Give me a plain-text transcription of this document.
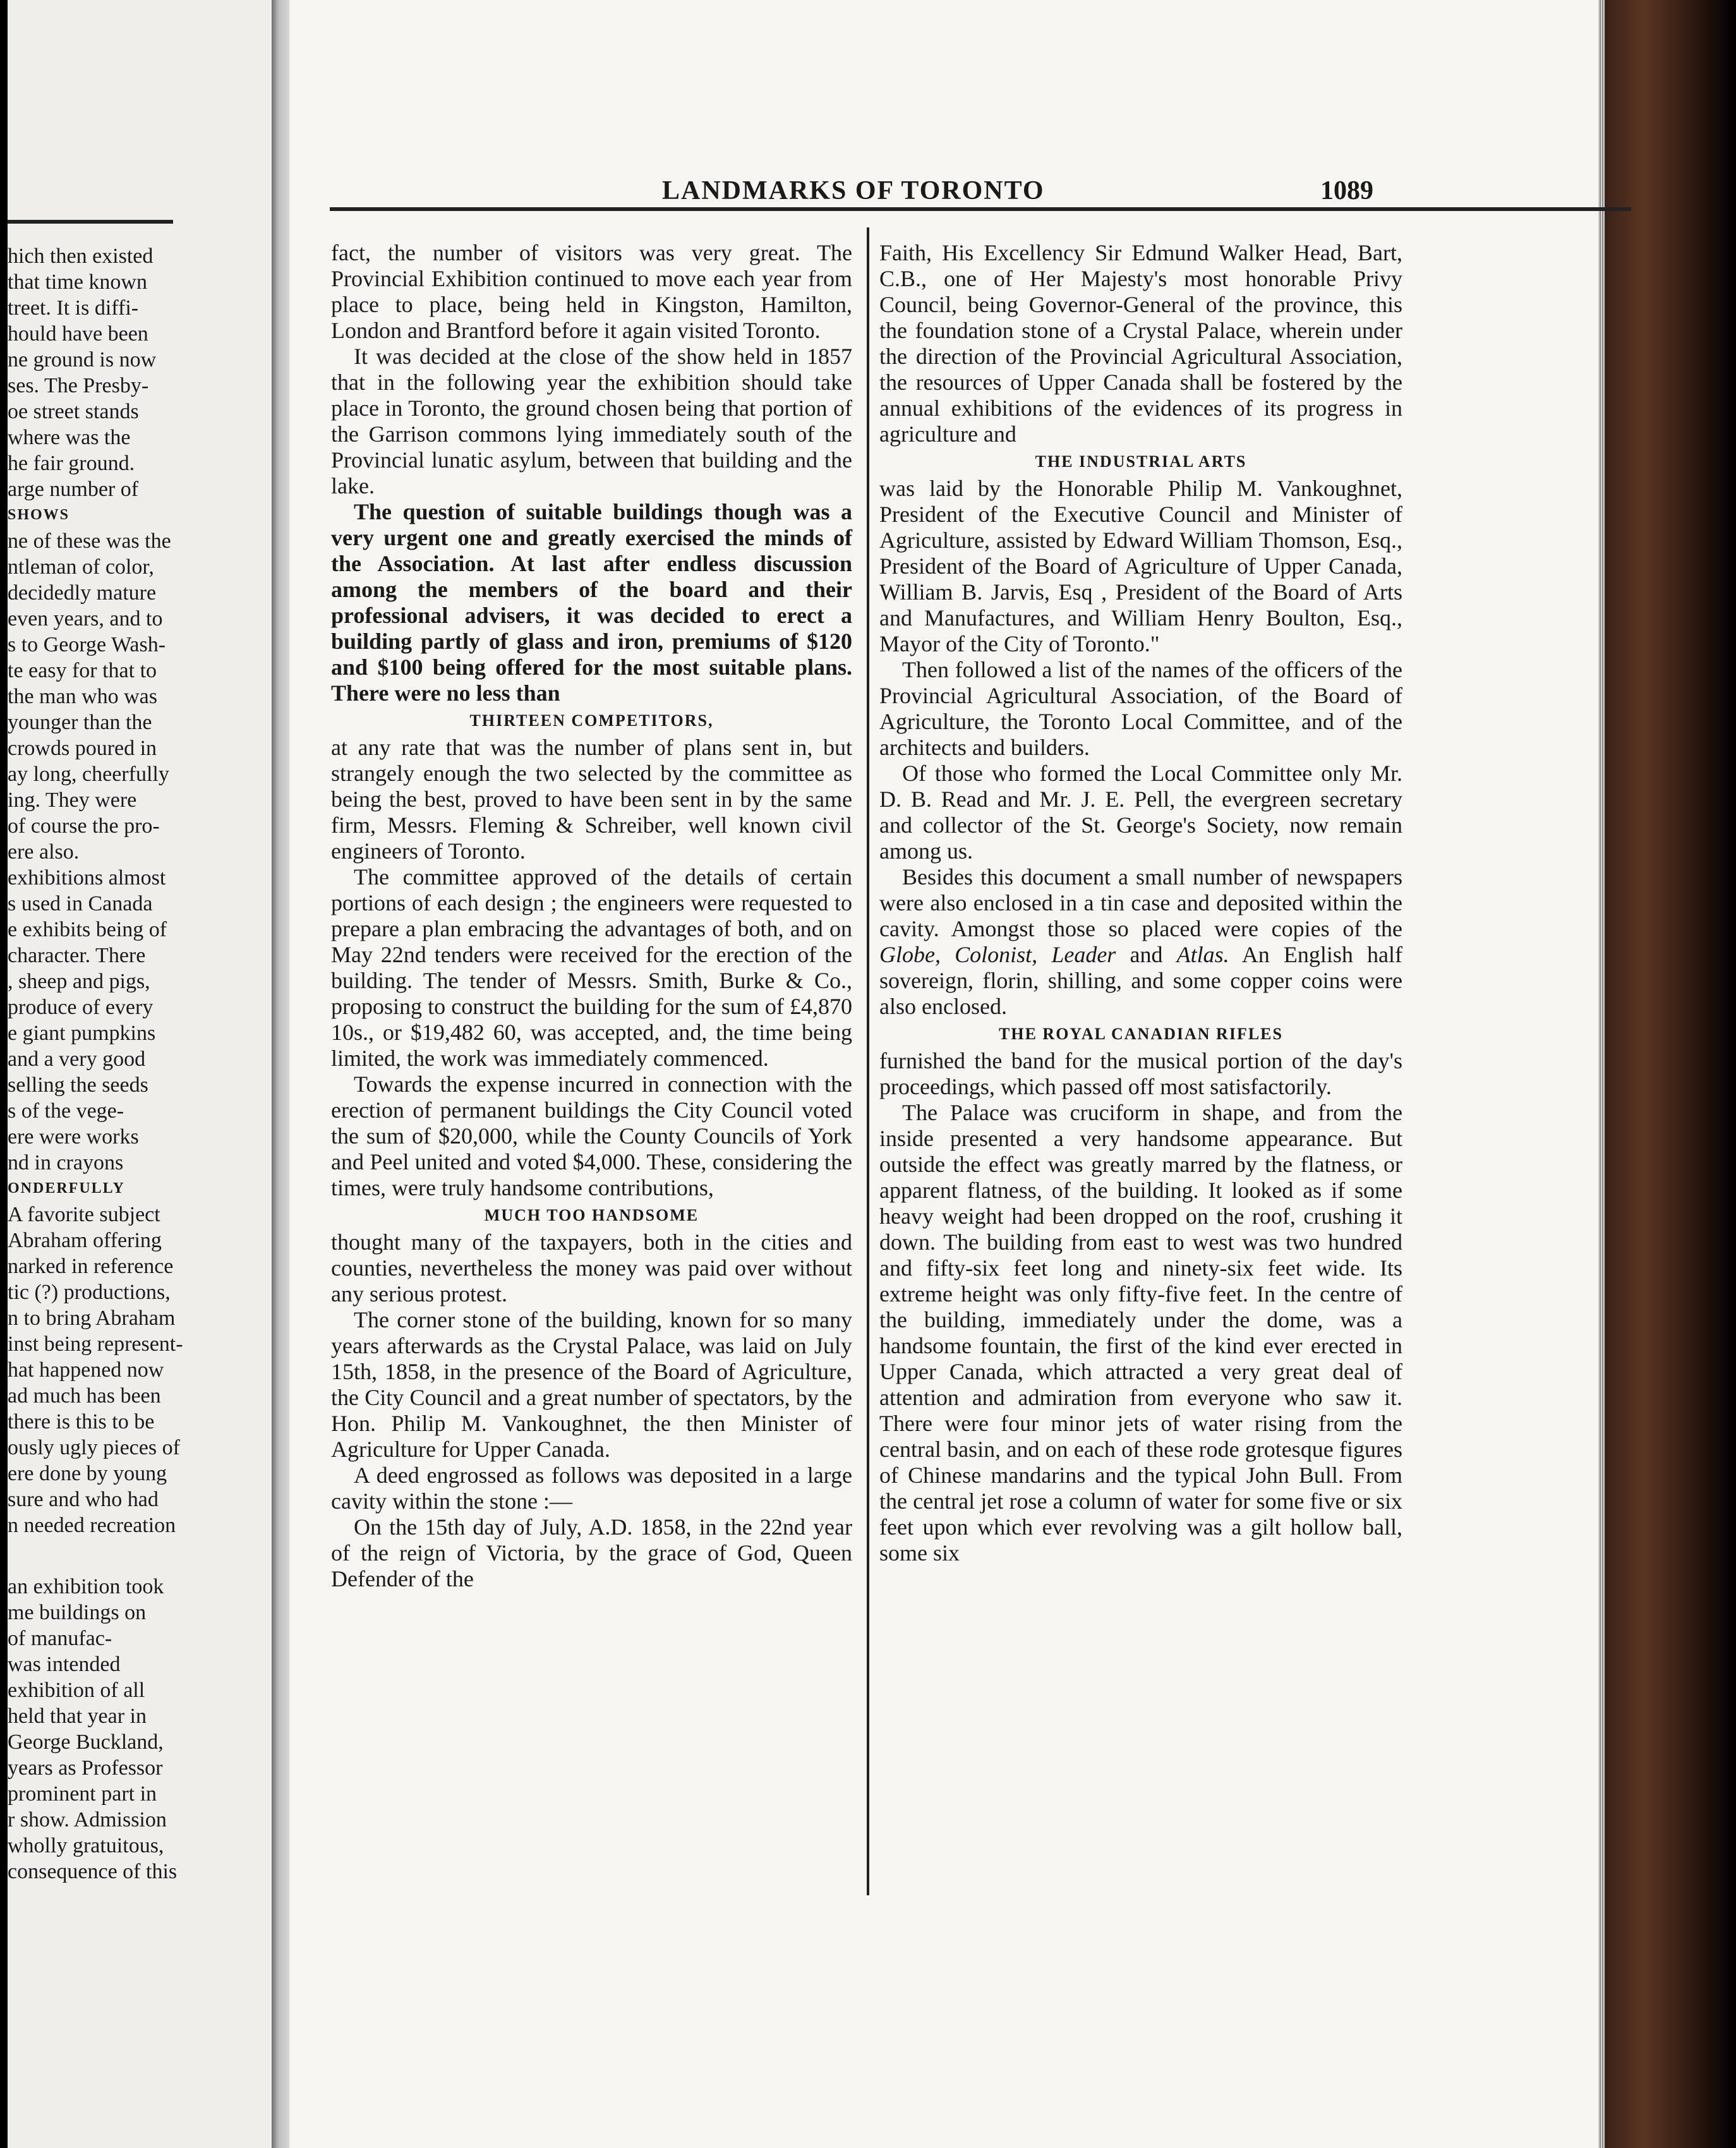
hich then existed
that time known
treet. It is diffi-
hould have been
ne ground is now
ses. The Presby-
oe street stands
where was the
he fair ground.
arge number of
SHOWS
ne of these was the
ntleman of color,
decidedly mature
even years, and to
s to George Wash-
te easy for that to
the man who was
younger than the
crowds poured in
ay long, cheerfully
ing. They were
of course the pro-
ere also.
exhibitions almost
s used in Canada
e exhibits being of
character. There
, sheep and pigs,
produce of every
e giant pumpkins
and a very good
selling the seeds
s of the vege-
ere were works
nd in crayons
ONDERFULLY
A favorite subject
Abraham offering
narked in reference
tic (?) productions,
n to bring Abraham
inst being represent-
hat happened now
ad much has been
there is this to be
ously ugly pieces of
ere done by young
sure and who had
n needed recreation
an exhibition took
me buildings on
of manufac-
was intended
exhibition of all
held that year in
George Buckland,
years as Professor
prominent part in
r show. Admission
wholly gratuitous,
consequence of this
LANDMARKS OF TORONTO	1089

fact, the number of visitors was very great. The Provincial Exhibition continued to move each year from place to place, being held in Kingston, Hamilton, London and Brantford before it again visited Toronto.

It was decided at the close of the show held in 1857 that in the following year the exhibition should take place in Toronto, the ground chosen being that portion of the Garrison commons lying immediately south of the Provincial lunatic asylum, between that building and the lake.

The question of suitable buildings though was a very urgent one and greatly exercised the minds of the Association. At last after endless discussion among the members of the board and their professional advisers, it was decided to erect a building partly of glass and iron, premiums of $120 and $100 being offered for the most suitable plans. There were no less than

THIRTEEN COMPETITORS,

at any rate that was the number of plans sent in, but strangely enough the two selected by the committee as being the best, proved to have been sent in by the same firm, Messrs. Fleming & Schreiber, well known civil engineers of Toronto.

The committee approved of the details of certain portions of each design ; the engineers were requested to prepare a plan embracing the advantages of both, and on May 22nd tenders were received for the erection of the building. The tender of Messrs. Smith, Burke & Co., proposing to construct the building for the sum of £4,870 10s., or $19,482 60, was accepted, and, the time being limited, the work was immediately commenced.

Towards the expense incurred in connection with the erection of permanent buildings the City Council voted the sum of $20,000, while the County Councils of York and Peel united and voted $4,000. These, considering the times, were truly handsome contributions,

MUCH TOO HANDSOME

thought many of the taxpayers, both in the cities and counties, nevertheless the money was paid over without any serious protest.

The corner stone of the building, known for so many years afterwards as the Crystal Palace, was laid on July 15th, 1858, in the presence of the Board of Agriculture, the City Council and a great number of spectators, by the Hon. Philip M. Vankoughnet, the then Minister of Agriculture for Upper Canada.

A deed engrossed as follows was deposited in a large cavity within the stone :—

On the 15th day of July, A.D. 1858, in the 22nd year of the reign of Victoria, by the grace of God, Queen Defender of the

Faith, His Excellency Sir Edmund Walker Head, Bart, C.B., one of Her Majesty's most honorable Privy Council, being Governor-General of the province, this the foundation stone of a Crystal Palace, wherein under the direction of the Provincial Agricultural Association, the resources of Upper Canada shall be fostered by the annual exhibitions of the evidences of its progress in agriculture and

THE INDUSTRIAL ARTS

was laid by the Honorable Philip M. Vankoughnet, President of the Executive Council and Minister of Agriculture, assisted by Edward William Thomson, Esq., President of the Board of Agriculture of Upper Canada, William B. Jarvis, Esq , President of the Board of Arts and Manufactures, and William Henry Boulton, Esq., Mayor of the City of Toronto."

Then followed a list of the names of the officers of the Provincial Agricultural Association, of the Board of Agriculture, the Toronto Local Committee, and of the architects and builders.

Of those who formed the Local Committee only Mr. D. B. Read and Mr. J. E. Pell, the evergreen secretary and collector of the St. George's Society, now remain among us.

Besides this document a small number of newspapers were also enclosed in a tin case and deposited within the cavity. Amongst those so placed were copies of the Globe, Colonist, Leader and Atlas. An English half sovereign, florin, shilling, and some copper coins were also enclosed.

THE ROYAL CANADIAN RIFLES

furnished the band for the musical portion of the day's proceedings, which passed off most satisfactorily.

The Palace was cruciform in shape, and from the inside presented a very handsome appearance. But outside the effect was greatly marred by the flatness, or apparent flatness, of the building. It looked as if some heavy weight had been dropped on the roof, crushing it down. The building from east to west was two hundred and fifty-six feet long and ninety-six feet wide. Its extreme height was only fifty-five feet. In the centre of the building, immediately under the dome, was a handsome fountain, the first of the kind ever erected in Upper Canada, which attracted a very great deal of attention and admiration from everyone who saw it. There were four minor jets of water rising from the central basin, and on each of these rode grotesque figures of Chinese mandarins and the typical John Bull. From the central jet rose a column of water for some five or six feet upon which ever revolving was a gilt hollow ball, some six
